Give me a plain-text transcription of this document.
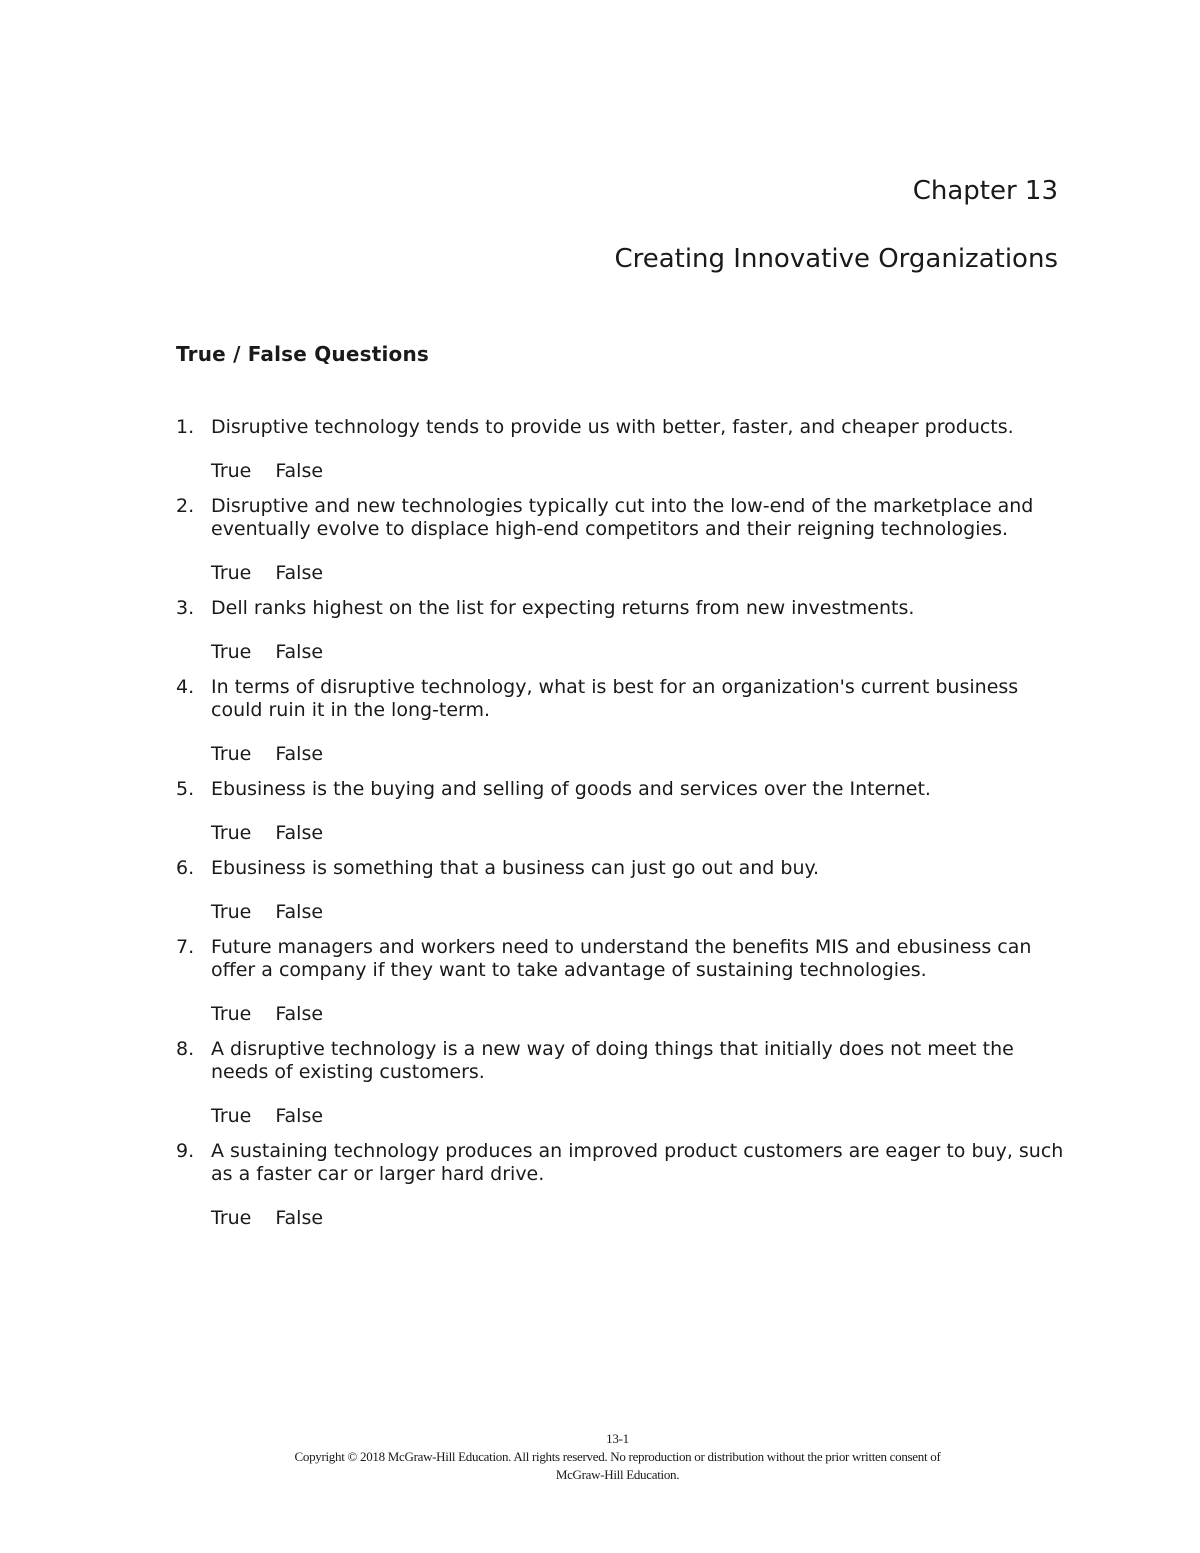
Chapter 13
Creating Innovative Organizations
True / False Questions
1. Disruptive technology tends to provide us with better, faster, and cheaper products.

True False
2. Disruptive and new technologies typically cut into the low-end of the marketplace and eventually evolve to displace high-end competitors and their reigning technologies.

True False
3. Dell ranks highest on the list for expecting returns from new investments.

True False
4. In terms of disruptive technology, what is best for an organization's current business could ruin it in the long-term.

True False
5. Ebusiness is the buying and selling of goods and services over the Internet.

True False
6. Ebusiness is something that a business can just go out and buy.

True False
7. Future managers and workers need to understand the benefits MIS and ebusiness can offer a company if they want to take advantage of sustaining technologies.

True False
8. A disruptive technology is a new way of doing things that initially does not meet the needs of existing customers.

True False
9. A sustaining technology produces an improved product customers are eager to buy, such as a faster car or larger hard drive.

True False
13-1
Copyright © 2018 McGraw-Hill Education. All rights reserved. No reproduction or distribution without the prior written consent of
McGraw-Hill Education.
